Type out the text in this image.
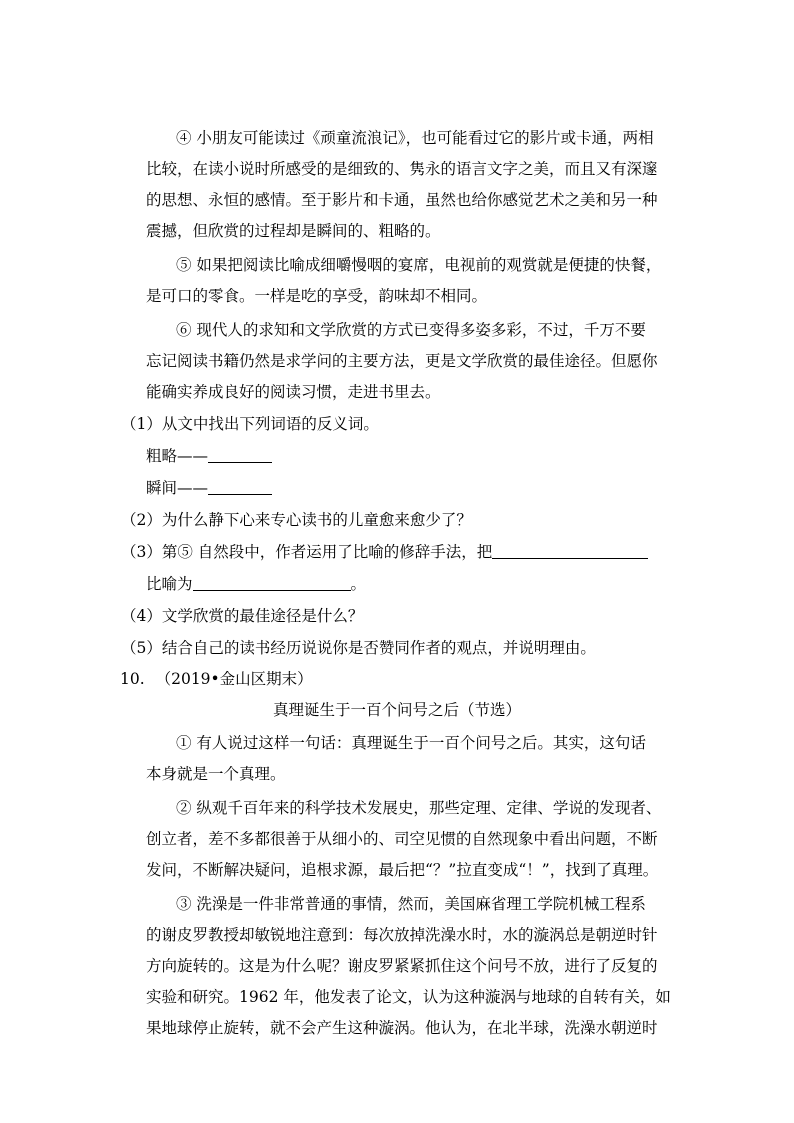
④ 小朋友可能读过《顽童流浪记》，也可能看过它的影片或卡通，两相
比较，在读小说时所感受的是细致的、隽永的语言文字之美，而且又有深邃
的思想、永恒的感情。至于影片和卡通，虽然也给你感觉艺术之美和另一种
震撼，但欣赏的过程却是瞬间的、粗略的。
⑤ 如果把阅读比喻成细嚼慢咽的宴席，电视前的观赏就是便捷的快餐，
是可口的零食。一样是吃的享受，韵味却不相同。
⑥ 现代人的求知和文学欣赏的方式已变得多姿多彩，不过，千万不要
忘记阅读书籍仍然是求学问的主要方法，更是文学欣赏的最佳途径。但愿你
能确实养成良好的阅读习惯，走进书里去。
（1）从文中找出下列词语的反义词。
粗略——
瞬间——
（2）为什么静下心来专心读书的儿童愈来愈少了？
（3）第⑤ 自然段中，作者运用了比喻的修辞手法，把
比喻为	。
（4）文学欣赏的最佳途径是什么？
（5）结合自己的读书经历说说你是否赞同作者的观点，并说明理由。
10. （2019•金山区期末）
真理诞生于一百个问号之后（节选）
① 有人说过这样一句话：真理诞生于一百个问号之后。其实，这句话
本身就是一个真理。
② 纵观千百年来的科学技术发展史，那些定理、定律、学说的发现者、
创立者，差不多都很善于从细小的、司空见惯的自然现象中看出问题，不断
发问，不断解决疑问，追根求源，最后把“？”拉直变成“！”，找到了真理。
③ 洗澡是一件非常普通的事情，然而，美国麻省理工学院机械工程系
的谢皮罗教授却敏锐地注意到：每次放掉洗澡水时，水的漩涡总是朝逆时针
方向旋转的。这是为什么呢？谢皮罗紧紧抓住这个问号不放，进行了反复的
实验和研究。1962 年，他发表了论文，认为这种漩涡与地球的自转有关，如
果地球停止旋转，就不会产生这种漩涡。他认为，在北半球，洗澡水朝逆时
